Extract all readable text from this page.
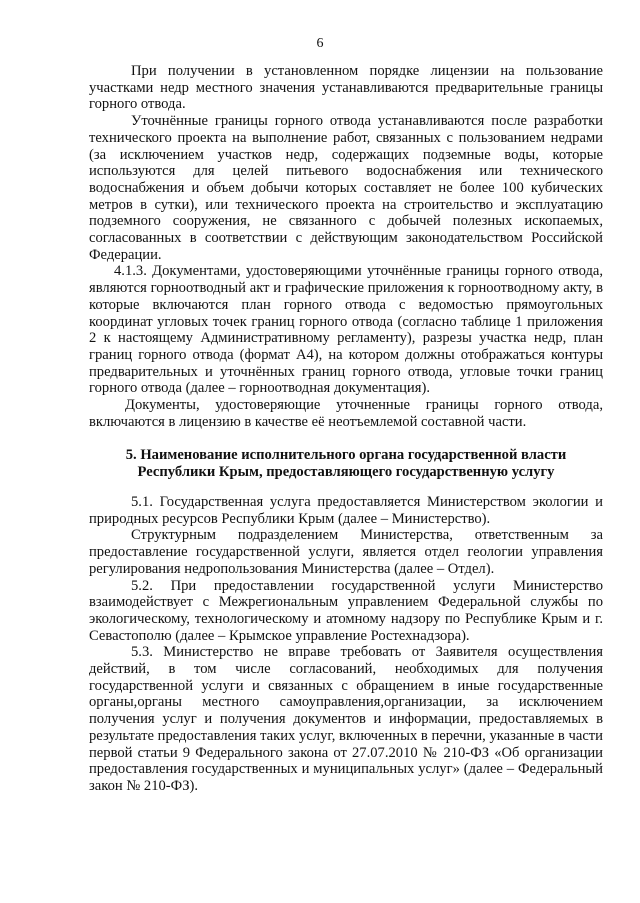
6

При получении в установленном порядке лицензии на пользование участками недр местного значения устанавливаются предварительные границы горного отвода.

Уточнённые границы горного отвода устанавливаются после разработки технического проекта на выполнение работ, связанных с пользованием недрами (за исключением участков недр, содержащих подземные воды, которые используются для целей питьевого водоснабжения или технического водоснабжения и объем добычи которых составляет не более 100 кубических метров в сутки), или технического проекта на строительство и эксплуатацию подземного сооружения, не связанного с добычей полезных ископаемых, согласованных в соответствии с действующим законодательством Российской Федерации.

4.1.3. Документами, удостоверяющими уточнённые границы горного отвода, являются горноотводный акт и графические приложения к горноотводному акту, в которые включаются план горного отвода с ведомостью прямоугольных координат угловых точек границ горного отвода (согласно таблице 1 приложения 2 к настоящему Административному регламенту), разрезы участка недр, план границ горного отвода (формат А4), на котором должны отображаться контуры предварительных и уточнённых границ горного отвода, угловые точки границ горного отвода (далее – горноотводная документация).

Документы, удостоверяющие уточненные границы горного отвода, включаются в лицензию в качестве её неотъемлемой составной части.

5. Наименование исполнительного органа государственной власти
Республики Крым, предоставляющего государственную услугу

5.1. Государственная услуга предоставляется Министерством экологии и природных ресурсов Республики Крым (далее – Министерство).

Структурным подразделением Министерства, ответственным за предоставление государственной услуги, является отдел геологии управления регулирования недропользования Министерства (далее – Отдел).

5.2. При предоставлении государственной услуги Министерство взаимодействует с Межрегиональным управлением Федеральной службы по экологическому, технологическому и атомному надзору по Республике Крым и г. Севастополю (далее – Крымское управление Ростехнадзора).

5.3. Министерство не вправе требовать от Заявителя осуществления действий, в том числе согласований, необходимых для получения государственной услуги и связанных с обращением в иные государственные органы,органы местного самоуправления,организации, за исключением получения услуг и получения документов и информации, предоставляемых в результате предоставления таких услуг, включенных в перечни, указанные в части первой статьи 9 Федерального закона от 27.07.2010 № 210-ФЗ «Об организации предоставления государственных и муниципальных услуг» (далее – Федеральный закон № 210-ФЗ).
